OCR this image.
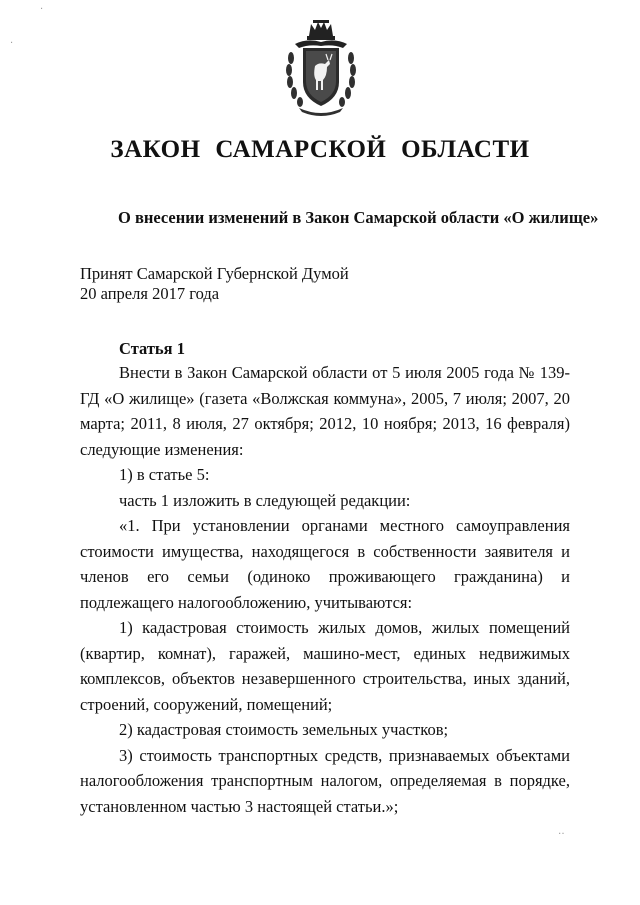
·
·
‥
ЗАКОН САМАРСКОЙ ОБЛАСТИ
О внесении изменений в Закон Самарской области «О жилище»
Принят Самарской Губернской Думой
20 апреля 2017 года
Статья 1

Внести в Закон Самарской области от 5 июля 2005 года № 139-ГД «О жилище» (газета «Волжская коммуна», 2005, 7 июля; 2007, 20 марта; 2011, 8 июля, 27 октября; 2012, 10 ноября; 2013, 16 февраля) следующие изменения:

1) в статье 5:

часть 1 изложить в следующей редакции:

«1. При установлении органами местного самоуправления стоимости имущества, находящегося в собственности заявителя и членов его семьи (одиноко проживающего гражданина) и подлежащего налогообложению, учитываются:

1) кадастровая стоимость жилых домов, жилых помещений (квартир, комнат), гаражей, машино-мест, единых недвижимых комплексов, объектов незавершенного строительства, иных зданий, строений, сооружений, помещений;

2) кадастровая стоимость земельных участков;

3) стоимость транспортных средств, признаваемых объектами налогообложения транспортным налогом, определяемая в порядке, установленном частью 3 настоящей статьи.»;
